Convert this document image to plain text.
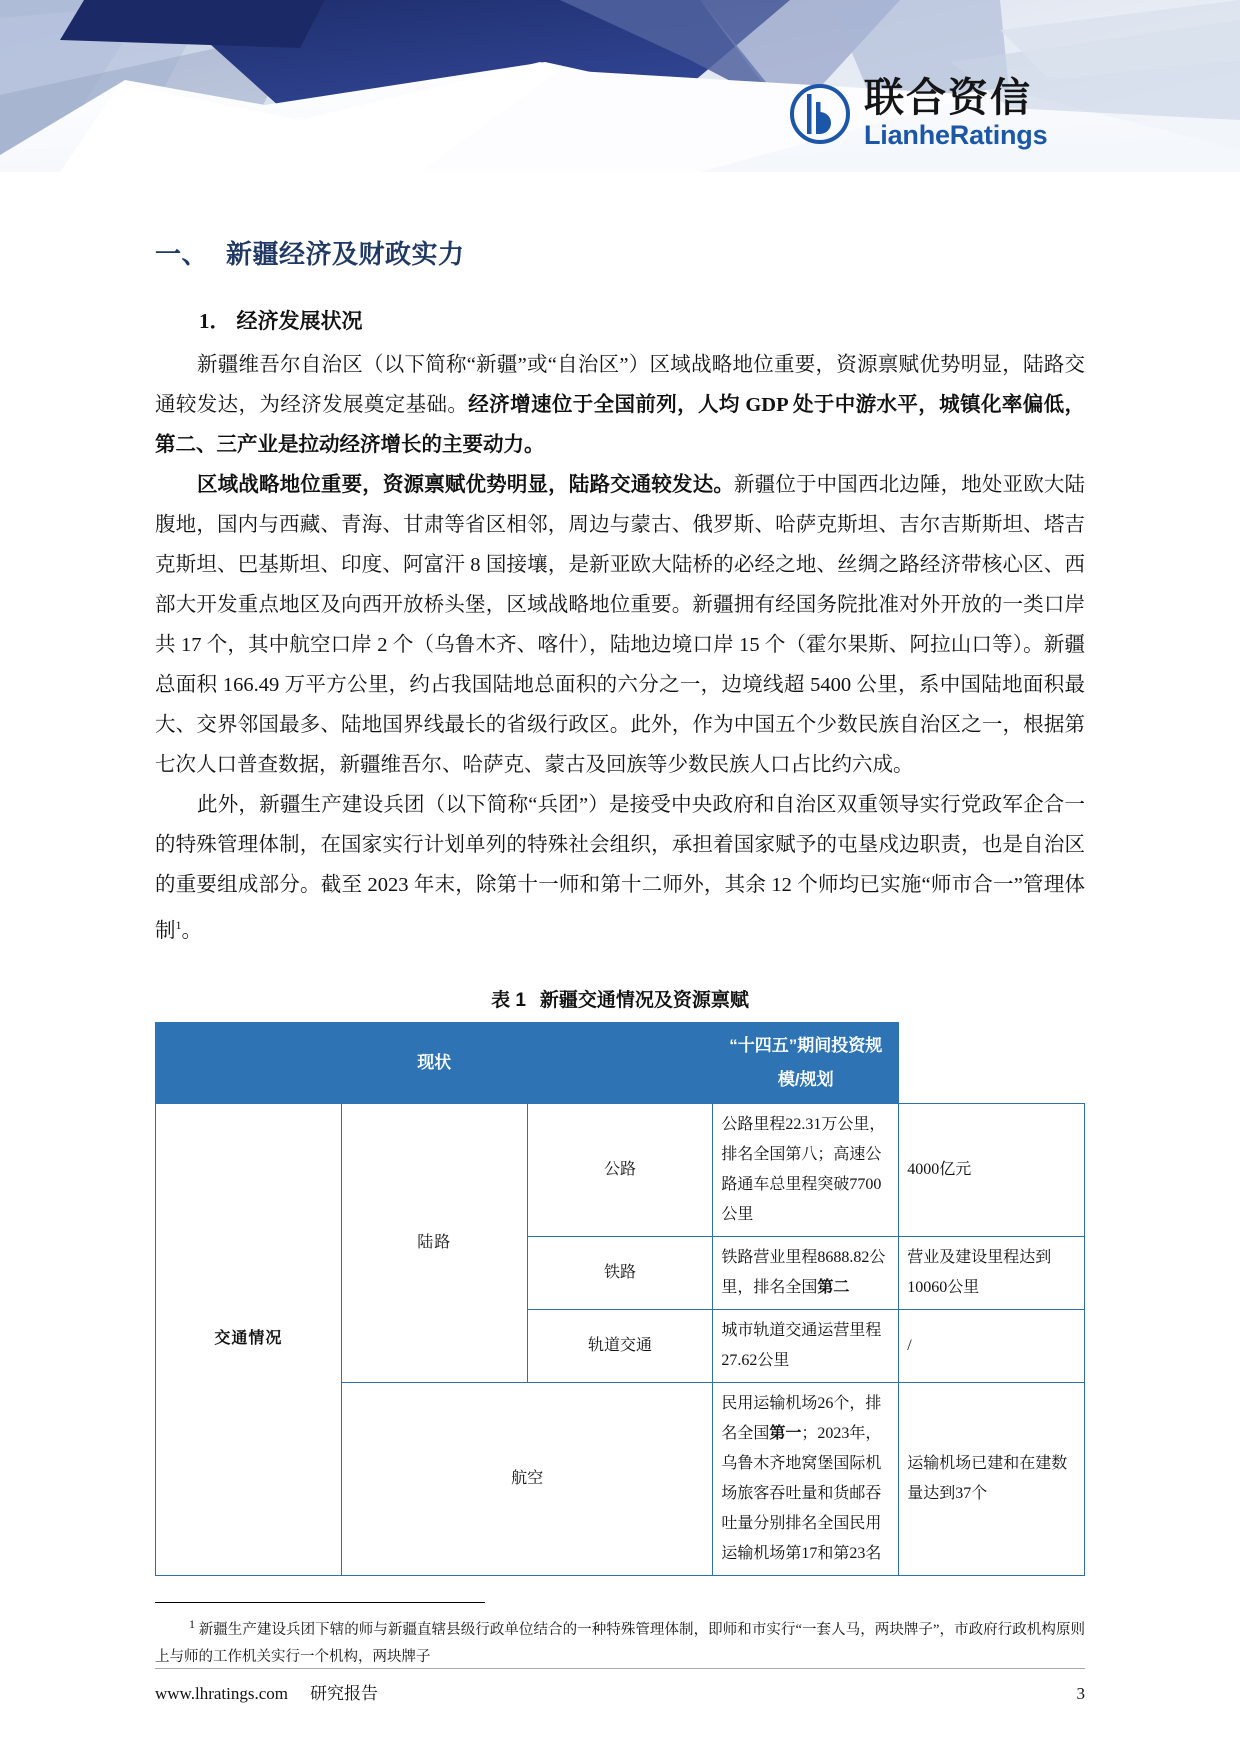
联合资信
LianheRatings
一、 新疆经济及财政实力
1． 经济发展状况

新疆维吾尔自治区（以下简称“新疆”或“自治区”）区域战略地位重要，资源禀赋优势明显，陆路交通较发达，为经济发展奠定基础。经济增速位于全国前列，人均 GDP 处于中游水平，城镇化率偏低，第二、三产业是拉动经济增长的主要动力。

区域战略地位重要，资源禀赋优势明显，陆路交通较发达。新疆位于中国西北边陲，地处亚欧大陆腹地，国内与西藏、青海、甘肃等省区相邻，周边与蒙古、俄罗斯、哈萨克斯坦、吉尔吉斯斯坦、塔吉克斯坦、巴基斯坦、印度、阿富汗 8 国接壤，是新亚欧大陆桥的必经之地、丝绸之路经济带核心区、西部大开发重点地区及向西开放桥头堡，区域战略地位重要。新疆拥有经国务院批准对外开放的一类口岸共 17 个，其中航空口岸 2 个（乌鲁木齐、喀什），陆地边境口岸 15 个（霍尔果斯、阿拉山口等）。新疆总面积 166.49 万平方公里，约占我国陆地总面积的六分之一，边境线超 5400 公里，系中国陆地面积最大、交界邻国最多、陆地国界线最长的省级行政区。此外，作为中国五个少数民族自治区之一，根据第七次人口普查数据，新疆维吾尔、哈萨克、蒙古及回族等少数民族人口占比约六成。

此外，新疆生产建设兵团（以下简称“兵团”）是接受中央政府和自治区双重领导实行党政军企合一的特殊管理体制，在国家实行计划单列的特殊社会组织，承担着国家赋予的屯垦戍边职责，也是自治区的重要组成部分。截至 2023 年末，除第十一师和第十二师外，其余 12 个师均已实施“师市合一”管理体制$^1$。

表 1 新疆交通情况及资源禀赋
现状			“十四五”期间投资规模/规划	
交通情况	陆路	公路	公路里程22.31万公里，排名全国第八；高速公路通车总里程突破7700公里	4000亿元
		铁路	铁路营业里程8688.82公里，排名全国第二	营业及建设里程达到10060公里
		轨道交通	城市轨道交通运营里程27.62公里	/
	航空		民用运输机场26个，排名全国第一；2023年，乌鲁木齐地窝堡国际机场旅客吞吐量和货邮吞吐量分别排名全国民用运输机场第17和第23名	运输机场已建和在建数量达到37个

$^1$ 新疆生产建设兵团下辖的师与新疆直辖县级行政单位结合的一种特殊管理体制，即师和市实行“一套人马，两块牌子”，市政府行政机构原则上与师的工作机关实行一个机构，两块牌子

www.lhratings.com 研究报告	3
